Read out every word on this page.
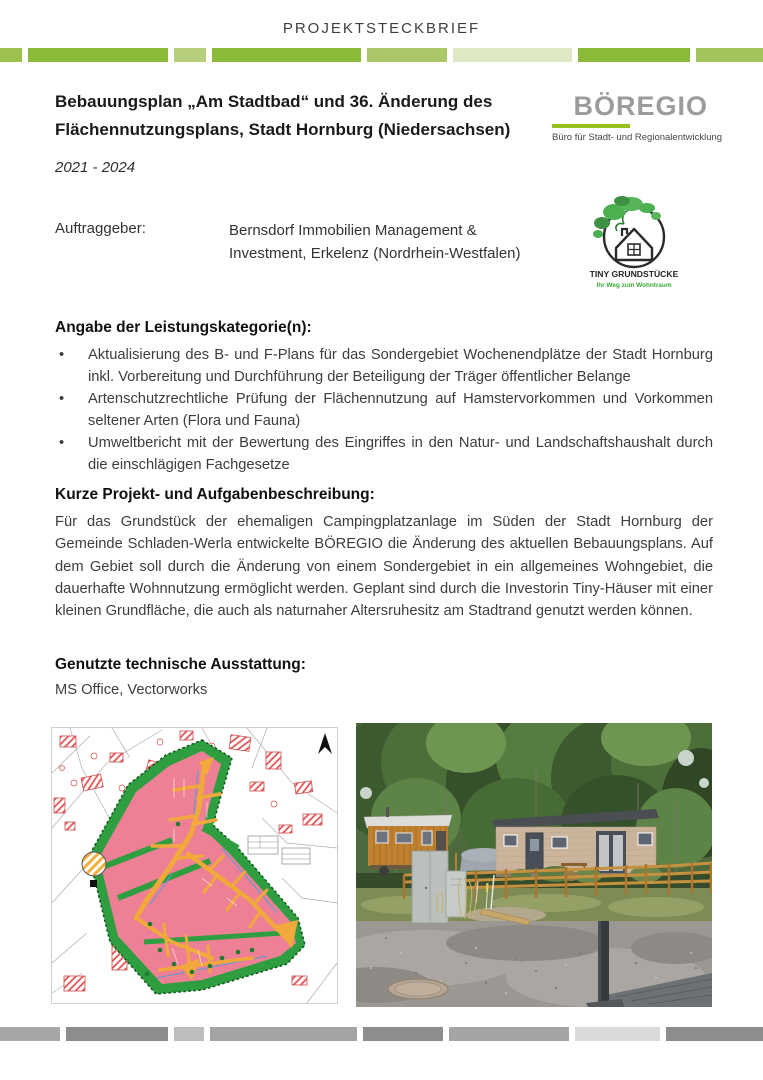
PROJEKTSTECKBRIEF
Bebauungsplan „Am Stadtbad“ und 36. Änderung des Flächennutzungsplans, Stadt Hornburg (Niedersachsen)
BÖREGIO
Büro für Stadt- und Regionalentwicklung
2021 - 2024
Auftraggeber:	Bernsdorf Immobilien Management & Investment, Erkelenz (Nordrhein-Westfalen)
TINY GRUNDSTÜCKE
Ihr Weg zum Wohntraum
Angabe der Leistungskategorie(n):
• Aktualisierung des B- und F-Plans für das Sondergebiet Wochenendplätze der Stadt Hornburg inkl. Vorbereitung und Durchführung der Beteiligung der Träger öffentlicher Belange
• Artenschutzrechtliche Prüfung der Flächennutzung auf Hamstervorkommen und Vorkommen seltener Arten (Flora und Fauna)
• Umweltbericht mit der Bewertung des Eingriffes in den Natur- und Landschaftshaushalt durch die einschlägigen Fachgesetze
Kurze Projekt- und Aufgabenbeschreibung:
Für das Grundstück der ehemaligen Campingplatzanlage im Süden der Stadt Hornburg der Gemeinde Schladen-Werla entwickelte BÖREGIO die Änderung des aktuellen Bebauungsplans. Auf dem Gebiet soll durch die Änderung von einem Sondergebiet in ein allgemeines Wohngebiet, die dauerhafte Wohnnutzung ermöglicht werden. Geplant sind durch die Investorin Tiny-Häuser mit einer kleinen Grundfläche, die auch als naturnaher Altersruhesitz am Stadtrand genutzt werden können.
Genutzte technische Ausstattung:
MS Office, Vectorworks
